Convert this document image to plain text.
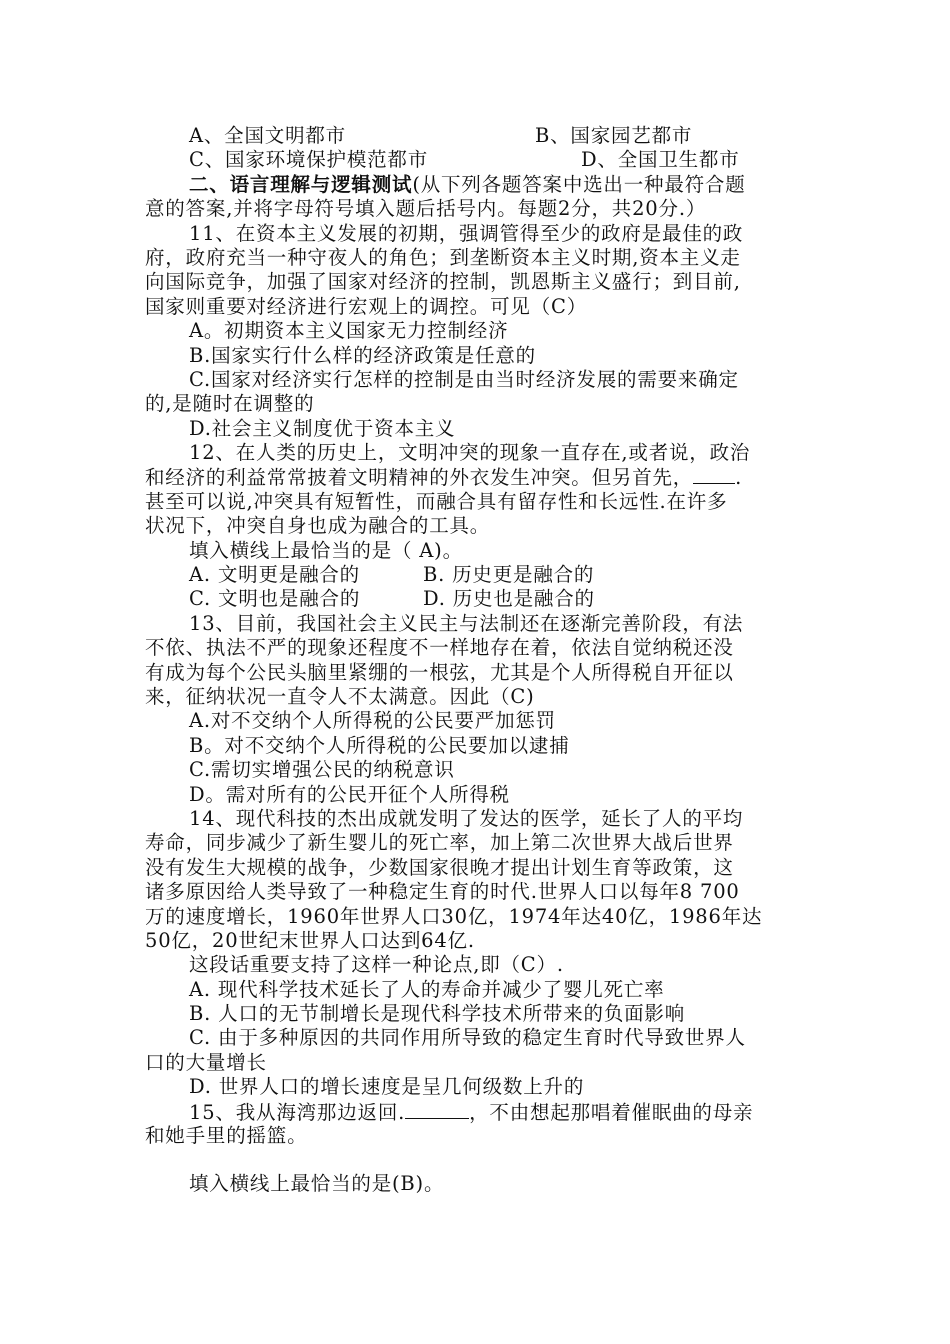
A、全国文明都市	B、国家园艺都市
C、国家环境保护模范都市	D、全国卫生都市
二、语言理解与逻辑测试(从下列各题答案中选出一种最符合题
意的答案,并将字母符号填入题后括号内。每题2分，共20分.）
11、在资本主义发展的初期，强调管得至少的政府是最佳的政
府，政府充当一种守夜人的角色；到垄断资本主义时期,资本主义走
向国际竞争，加强了国家对经济的控制，凯恩斯主义盛行；到目前,
国家则重要对经济进行宏观上的调控。可见（C）
A。初期资本主义国家无力控制经济
B.国家实行什么样的经济政策是任意的
C.国家对经济实行怎样的控制是由当时经济发展的需要来确定
的,是随时在调整的
D.社会主义制度优于资本主义
12、在人类的历史上，文明冲突的现象一直存在,或者说，政治
和经济的利益常常披着文明精神的外衣发生冲突。但另首先， .
甚至可以说,冲突具有短暂性，而融合具有留存性和长远性.在许多
状况下，冲突自身也成为融合的工具。
填入横线上最恰当的是（ A)。
A. 文明更是融合的	B. 历史更是融合的
C. 文明也是融合的	D. 历史也是融合的
13、目前，我国社会主义民主与法制还在逐渐完善阶段，有法
不依、执法不严的现象还程度不一样地存在着，依法自觉纳税还没
有成为每个公民头脑里紧绷的一根弦，尤其是个人所得税自开征以
来，征纳状况一直令人不太满意。因此（C)
A.对不交纳个人所得税的公民要严加惩罚
B。对不交纳个人所得税的公民要加以逮捕
C.需切实增强公民的纳税意识
D。需对所有的公民开征个人所得税
14、现代科技的杰出成就发明了发达的医学，延长了人的平均
寿命，同步减少了新生婴儿的死亡率，加上第二次世界大战后世界
没有发生大规模的战争，少数国家很晚才提出计划生育等政策，这
诸多原因给人类导致了一种稳定生育的时代.世界人口以每年8 700
万的速度增长，1960年世界人口30亿，1974年达40亿，1986年达
50亿，20世纪末世界人口达到64亿.
这段话重要支持了这样一种论点,即（C）.
A. 现代科学技术延长了人的寿命并减少了婴儿死亡率
B. 人口的无节制增长是现代科学技术所带来的负面影响
C. 由于多种原因的共同作用所导致的稳定生育时代导致世界人
口的大量增长
D. 世界人口的增长速度是呈几何级数上升的
15、我从海湾那边返回.	，不由想起那唱着催眠曲的母亲
和她手里的摇篮。
填入横线上最恰当的是(B)。
